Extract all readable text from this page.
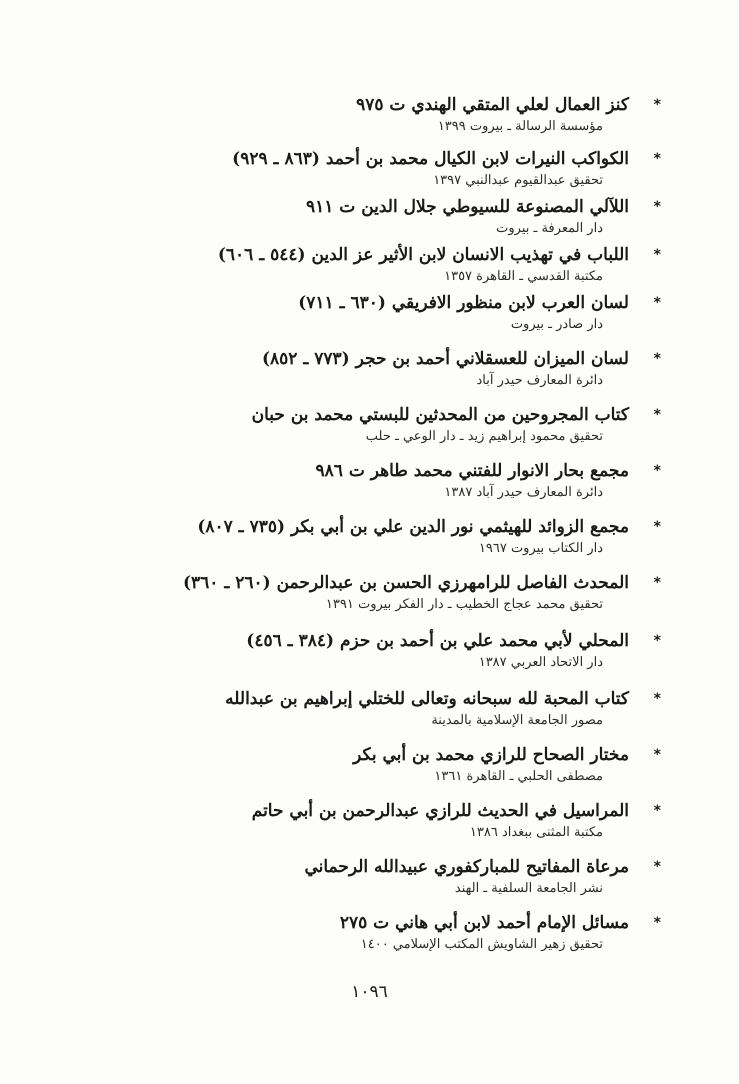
*
كنز العمال لعلي المتقي الهندي ت ٩٧٥
مؤسسة الرسالة ـ بيروت ١٣٩٩
*
الكواكب النيرات لابن الكيال محمد بن أحمد (٨٦٣ ـ ٩٢٩)
تحقيق عبدالقيوم عبدالنبي ١٣٩٧
*
اللآلي المصنوعة للسيوطي جلال الدين ت ٩١١
دار المعرفة ـ بيروت
*
اللباب في تهذيب الانسان لابن الأثير عز الدين (٥٤٤ ـ ٦٠٦)
مكتبة القدسي ـ القاهرة ١٣٥٧
*
لسان العرب لابن منظور الافريقي (٦٣٠ ـ ٧١١)
دار صادر ـ بيروت
*
لسان الميزان للعسقلاني أحمد بن حجر (٧٧٣ ـ ٨٥٢)
دائرة المعارف حيدر آباد
*
كتاب المجروحين من المحدثين للبستي محمد بن حبان
تحقيق محمود إبراهيم زيد ـ دار الوعي ـ حلب
*
مجمع بحار الانوار للفتني محمد طاهر ت ٩٨٦
دائرة المعارف حيدر آباد ١٣٨٧
*
مجمع الزوائد للهيثمي نور الدين علي بن أبي بكر (٧٣٥ ـ ٨٠٧)
دار الكتاب بيروت ١٩٦٧
*
المحدث الفاصل للرامهرزي الحسن بن عبدالرحمن (٢٦٠ ـ ٣٦٠)
تحقيق محمد عجاج الخطيب ـ دار الفكر بيروت ١٣٩١
*
المحلي لأبي محمد علي بن أحمد بن حزم (٣٨٤ ـ ٤٥٦)
دار الاتحاد العربي ١٣٨٧
*
كتاب المحبة لله سبحانه وتعالى للختلي إبراهيم بن عبدالله
مصور الجامعة الإسلامية بالمدينة
*
مختار الصحاح للرازي محمد بن أبي بكر
مصطفى الحلبي ـ القاهرة ١٣٦١
*
المراسيل في الحديث للرازي عبدالرحمن بن أبي حاتم
مكتبة المثنى ببغداد ١٣٨٦
*
مرعاة المفاتيح للمباركفوري عبيدالله الرحماني
نشر الجامعة السلفية ـ الهند
*
مسائل الإمام أحمد لابن أبي هاني ت ٢٧٥
تحقيق زهير الشاويش المكتب الإسلامي ١٤٠٠
١٠٩٦
